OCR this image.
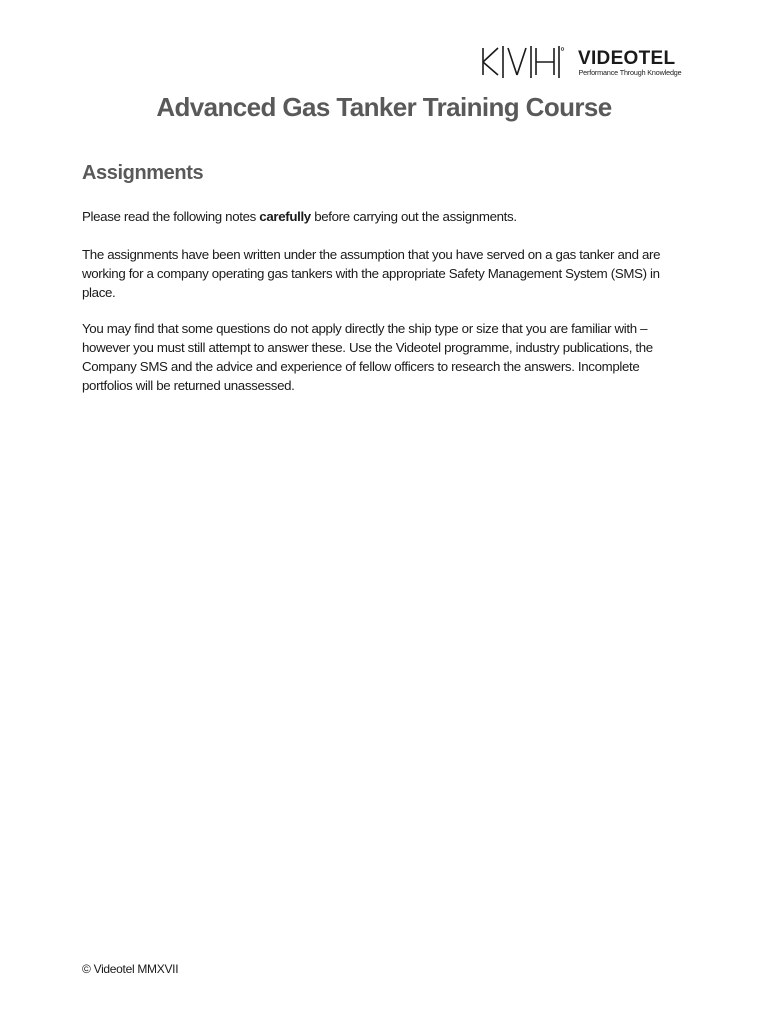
VIDEOTEL
Performance Through Knowledge
Advanced Gas Tanker Training Course
Assignments

Please read the following notes carefully before carrying out the assignments.

The assignments have been written under the assumption that you have served on a gas tanker and are working for a company operating gas tankers with the appropriate Safety Management System (SMS) in place.

You may find that some questions do not apply directly the ship type or size that you are familiar with – however you must still attempt to answer these. Use the Videotel programme, industry publications, the Company SMS and the advice and experience of fellow officers to research the answers. Incomplete portfolios will be returned unassessed.

© Videotel MMXVII
